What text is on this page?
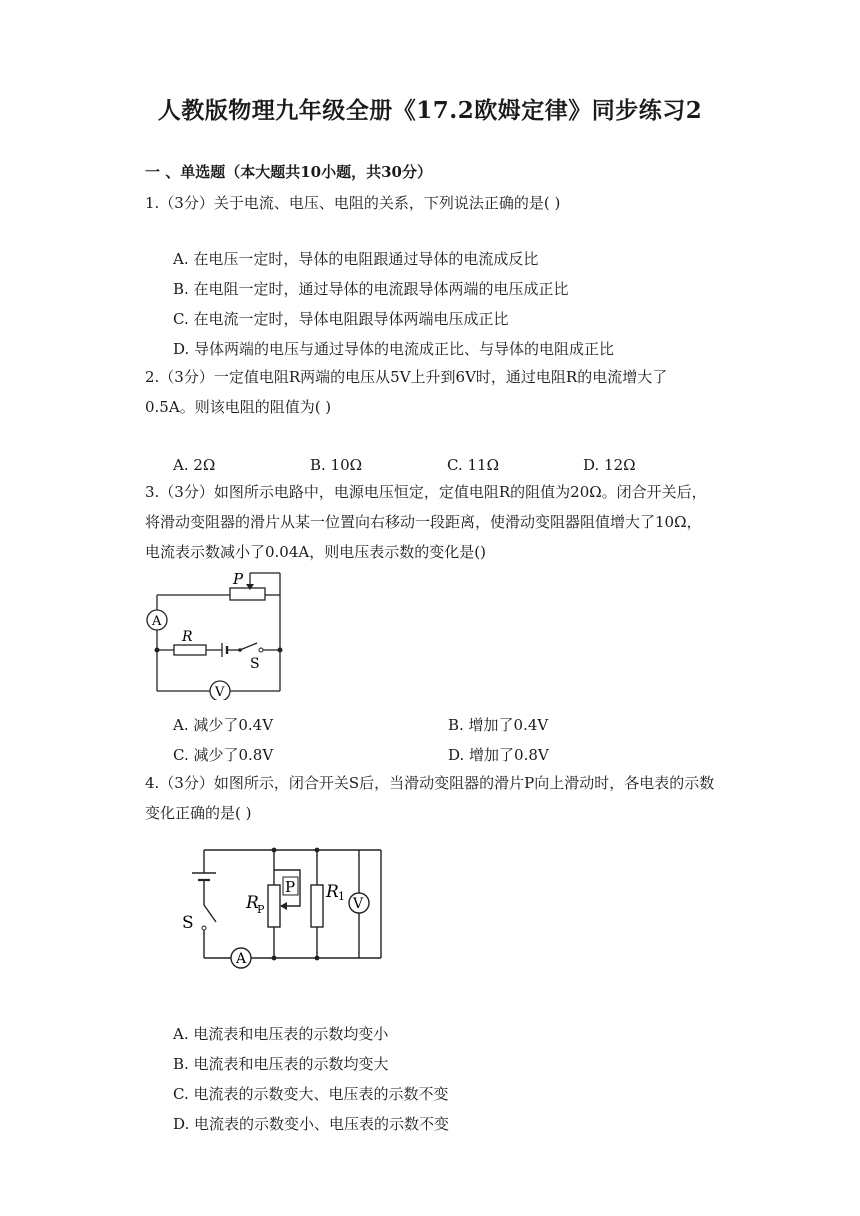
人教版物理九年级全册《17.2欧姆定律》同步练习2
一 、单选题（本大题共10小题，共30分）
1.（3分）关于电流、电压、电阻的关系，下列说法正确的是( )
A. 在电压一定时，导体的电阻跟通过导体的电流成反比
B. 在电阻一定时，通过导体的电流跟导体两端的电压成正比
C. 在电流一定时，导体电阻跟导体两端电压成正比
D. 导体两端的电压与通过导体的电流成正比、与导体的电阻成正比
2.（3分）一定值电阻R两端的电压从5V上升到6V时，通过电阻R的电流增大了
0.5A。则该电阻的阻值为( )
A. 2Ω	B. 10Ω	C. 11Ω	D. 12Ω
3.（3分）如图所示电路中，电源电压恒定，定值电阻R的阻值为20Ω。闭合开关后，
将滑动变阻器的滑片从某一位置向右移动一段距离，使滑动变阻器阻值增大了10Ω，
电流表示数减小了0.04A，则电压表示数的变化是()
P
A
R
S
V
A. 减少了0.4V	B. 增加了0.4V
C. 减少了0.8V	D. 增加了0.8V
4.（3分）如图所示，闭合开关S后，当滑动变阻器的滑片P向上滑动时，各电表的示数
变化正确的是( )
S
P
R
P
R 1 V
A
A. 电流表和电压表的示数均变小
B. 电流表和电压表的示数均变大
C. 电流表的示数变大、电压表的示数不变
D. 电流表的示数变小、电压表的示数不变
